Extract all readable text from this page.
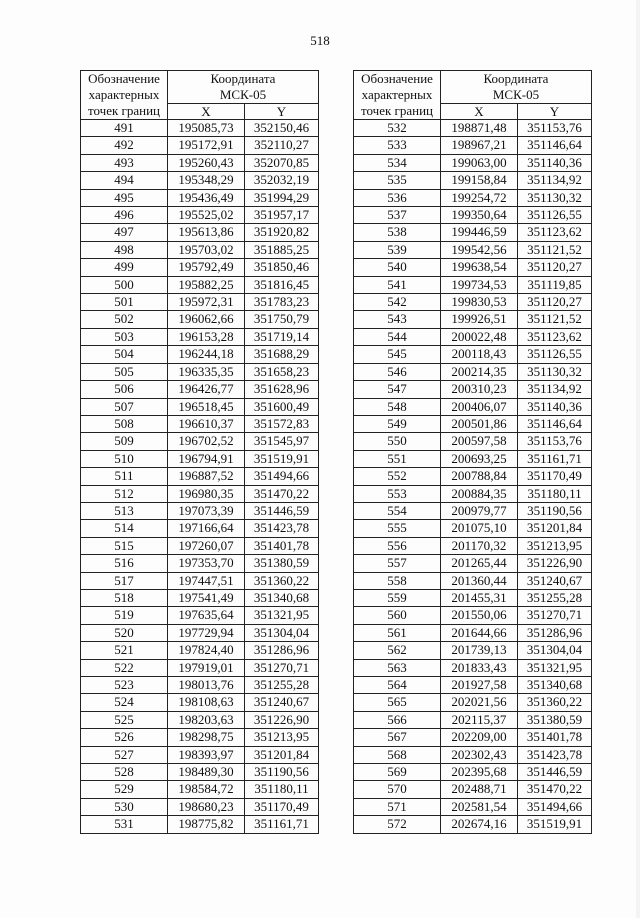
518
Обозначение
характерных
точек границ	Координата
МСК-05	
	X	Y
491	195085,73	352150,46
492	195172,91	352110,27
493	195260,43	352070,85
494	195348,29	352032,19
495	195436,49	351994,29
496	195525,02	351957,17
497	195613,86	351920,82
498	195703,02	351885,25
499	195792,49	351850,46
500	195882,25	351816,45
501	195972,31	351783,23
502	196062,66	351750,79
503	196153,28	351719,14
504	196244,18	351688,29
505	196335,35	351658,23
506	196426,77	351628,96
507	196518,45	351600,49
508	196610,37	351572,83
509	196702,52	351545,97
510	196794,91	351519,91
511	196887,52	351494,66
512	196980,35	351470,22
513	197073,39	351446,59
514	197166,64	351423,78
515	197260,07	351401,78
516	197353,70	351380,59
517	197447,51	351360,22
518	197541,49	351340,68
519	197635,64	351321,95
520	197729,94	351304,04
521	197824,40	351286,96
522	197919,01	351270,71
523	198013,76	351255,28
524	198108,63	351240,67
525	198203,63	351226,90
526	198298,75	351213,95
527	198393,97	351201,84
528	198489,30	351190,56
529	198584,72	351180,11
530	198680,23	351170,49
531	198775,82	351161,71
Обозначение
характерных
точек границ	Координата
МСК-05	
	X	Y
532	198871,48	351153,76
533	198967,21	351146,64
534	199063,00	351140,36
535	199158,84	351134,92
536	199254,72	351130,32
537	199350,64	351126,55
538	199446,59	351123,62
539	199542,56	351121,52
540	199638,54	351120,27
541	199734,53	351119,85
542	199830,53	351120,27
543	199926,51	351121,52
544	200022,48	351123,62
545	200118,43	351126,55
546	200214,35	351130,32
547	200310,23	351134,92
548	200406,07	351140,36
549	200501,86	351146,64
550	200597,58	351153,76
551	200693,25	351161,71
552	200788,84	351170,49
553	200884,35	351180,11
554	200979,77	351190,56
555	201075,10	351201,84
556	201170,32	351213,95
557	201265,44	351226,90
558	201360,44	351240,67
559	201455,31	351255,28
560	201550,06	351270,71
561	201644,66	351286,96
562	201739,13	351304,04
563	201833,43	351321,95
564	201927,58	351340,68
565	202021,56	351360,22
566	202115,37	351380,59
567	202209,00	351401,78
568	202302,43	351423,78
569	202395,68	351446,59
570	202488,71	351470,22
571	202581,54	351494,66
572	202674,16	351519,91
